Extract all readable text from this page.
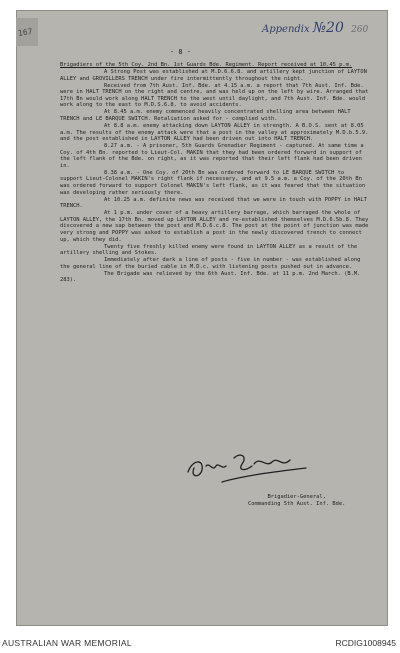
167	Appendix №20 260
- 8 -

Brigadiers of the 5th Coy. 2nd Bn. 1st Guards Bde. Regiment. Report received at 10.45 p.m.

A Strong Post was established at M.D.6.6.8. and artillery kept junction of LAYTON ALLEY and GROVILLERS TRENCH under fire intermittently throughout the night.

Received from 7th Aust. Inf. Bde. at 4.15 a.m. a report that 7th Aust. Inf. Bde. were in HALT TRENCH on the right and centre, and was held up on the left by wire. Arranged that 17th Bn would work along HALT TRENCH to the west until daylight, and 7th Aust. Inf. Bde. would work along to the east to M.D.S.6.8. to avoid accidents.

At 8.45 a.m. enemy commenced heavily concentrated shelling area between HALT TRENCH and LE BARQUE SWITCH. Retaliation asked for - complied with.

At 8.8 a.m. enemy attacking down LAYTON ALLEY in strength. A B.O.S. sent at 8.05 a.m. The results of the enemy attack were that a post in the valley at approximately M.D.b.5.9. and the post established in LAYTON ALLEY had been driven out into HALT TRENCH.

8.27 a.m. - A prisoner, 5th Guards Grenadier Regiment - captured. At same time a Coy. of 4th Bn. reported to Lieut-Col. MAKIN that they had been ordered forward in support of the left flank of the Bde. on right, as it was reported that their left flank had been driven in.

8.38 a.m. - One Coy. of 20th Bn was ordered forward to LE BARQUE SWITCH to support Lieut-Colonel MAKIN's right flank if necessary, and at 9.5 a.m. a Coy. of the 20th Bn was ordered forward to support Colonel MAKIN's left flank, as it was feared that the situation was developing rather seriously there.

At 10.25 a.m. definite news was received that we were in touch with POPPY in HALT TRENCH.

At 1 p.m. under cover of a heavy artillery barrage, which barraged the whole of LAYTON ALLEY, the 17th Bn. moved up LAYTON ALLEY and re-established themselves M.D.6.5b.8. They discovered a new sap between the post and M.D.6.c.8. The post at the point of junction was made very strong and POPPY was asked to establish a post in the newly discovered trench to connect up, which they did.

Twenty five freshly killed enemy were found in LAYTON ALLEY as a result of the artillery shelling and Stokes.

Immediately after dark a line of posts - five in number - was established along the general line of the buried cable in M.D.c. with listening posts pushed out in advance.

The Brigade was relieved by the 6th Aust. Inf. Bde. at 11 p.m. 2nd March. (B.M. 283).

Brigadier-General,
Commanding 5th Aust. Inf. Bde.
AUSTRALIAN WAR MEMORIAL	RCDIG1008945
